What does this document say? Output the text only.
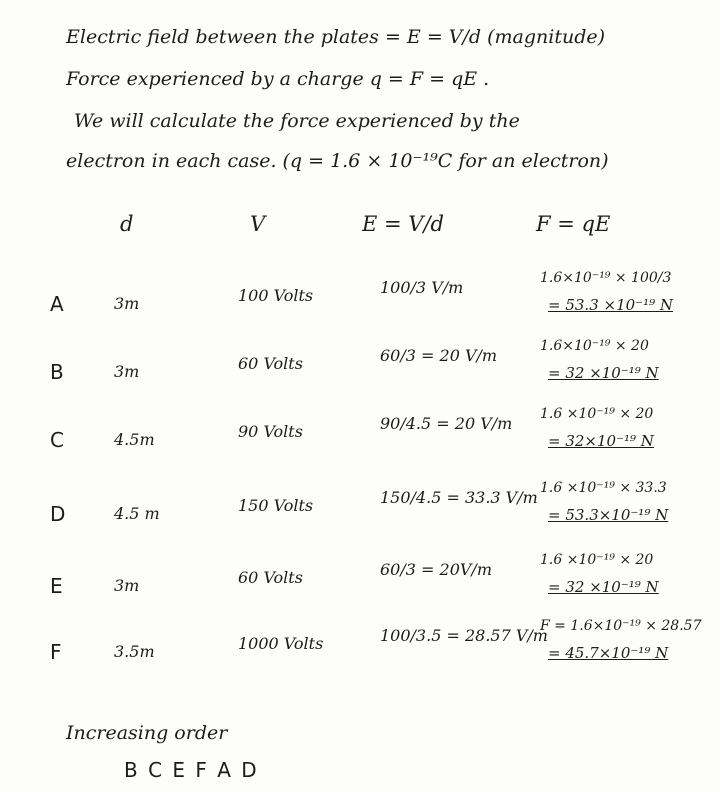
Electric field between the plates = E = V/d (magnitude)
Force experienced by a charge q = F = qE .
We will calculate the force experienced by the
electron in each case. (q = 1.6 × 10⁻¹⁹C for an electron)
d	V	E = V/d	F = qE
A	3m	100 Volts	100/3 V/m	1.6×10⁻¹⁹ × 100/3
= 53.3 ×10⁻¹⁹ N
B	3m	60 Volts	60/3 = 20 V/m	1.6×10⁻¹⁹ × 20
= 32 ×10⁻¹⁹ N
C	4.5m	90 Volts	90/4.5 = 20 V/m 1.6 ×10⁻¹⁹ × 20
= 32×10⁻¹⁹ N
D	4.5 m	150 Volts	150/4.5 = 33.3 V/m 1.6 ×10⁻¹⁹ × 33.3
= 53.3×10⁻¹⁹ N
E	3m	60 Volts	60/3 = 20V/m	1.6 ×10⁻¹⁹ × 20
= 32 ×10⁻¹⁹ N
F	3.5m	1000 Volts	100/3.5 = 28.57 V/m
F = 1.6×10⁻¹⁹ × 28.57
= 45.7×10⁻¹⁹ N
Increasing order
B C E F A D
